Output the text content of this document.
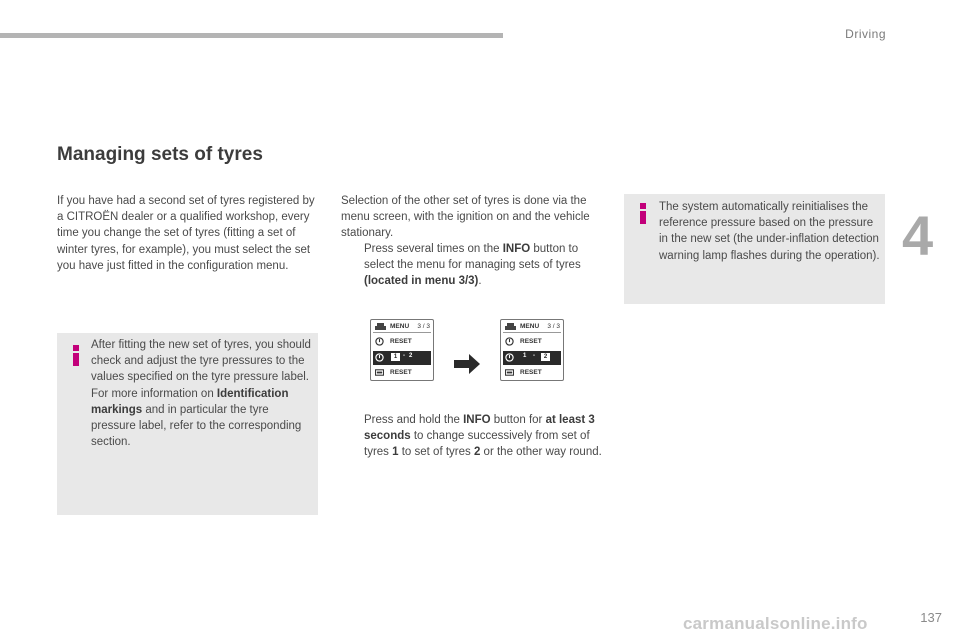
Driving
4
Managing sets of tyres
If you have had a second set of tyres registered by a CITROËN dealer or a qualified workshop, every time you change the set of tyres (fitting a set of winter tyres, for example), you must select the set you have just fitted in the configuration menu.
After fitting the new set of tyres, you should check and adjust the tyre pressures to the values specified on the tyre pressure label.
For more information on Identification markings and in particular the tyre pressure label, refer to the corresponding section.
Selection of the other set of tyres is done via the menu screen, with the ignition on and the vehicle stationary.
Press several times on the INFO button to select the menu for managing sets of tyres (located in menu 3/3).
MENU 3 / 3
RESET
1 - 2
RESET
MENU 3 / 3
RESET
1 -	2
RESET
Press and hold the INFO button for at least 3 seconds to change successively from set of tyres 1 to set of tyres 2 or the other way round.
The system automatically reinitialises the reference pressure based on the pressure in the new set (the under-inflation detection warning lamp flashes during the operation).
carmanualsonline.info	137
